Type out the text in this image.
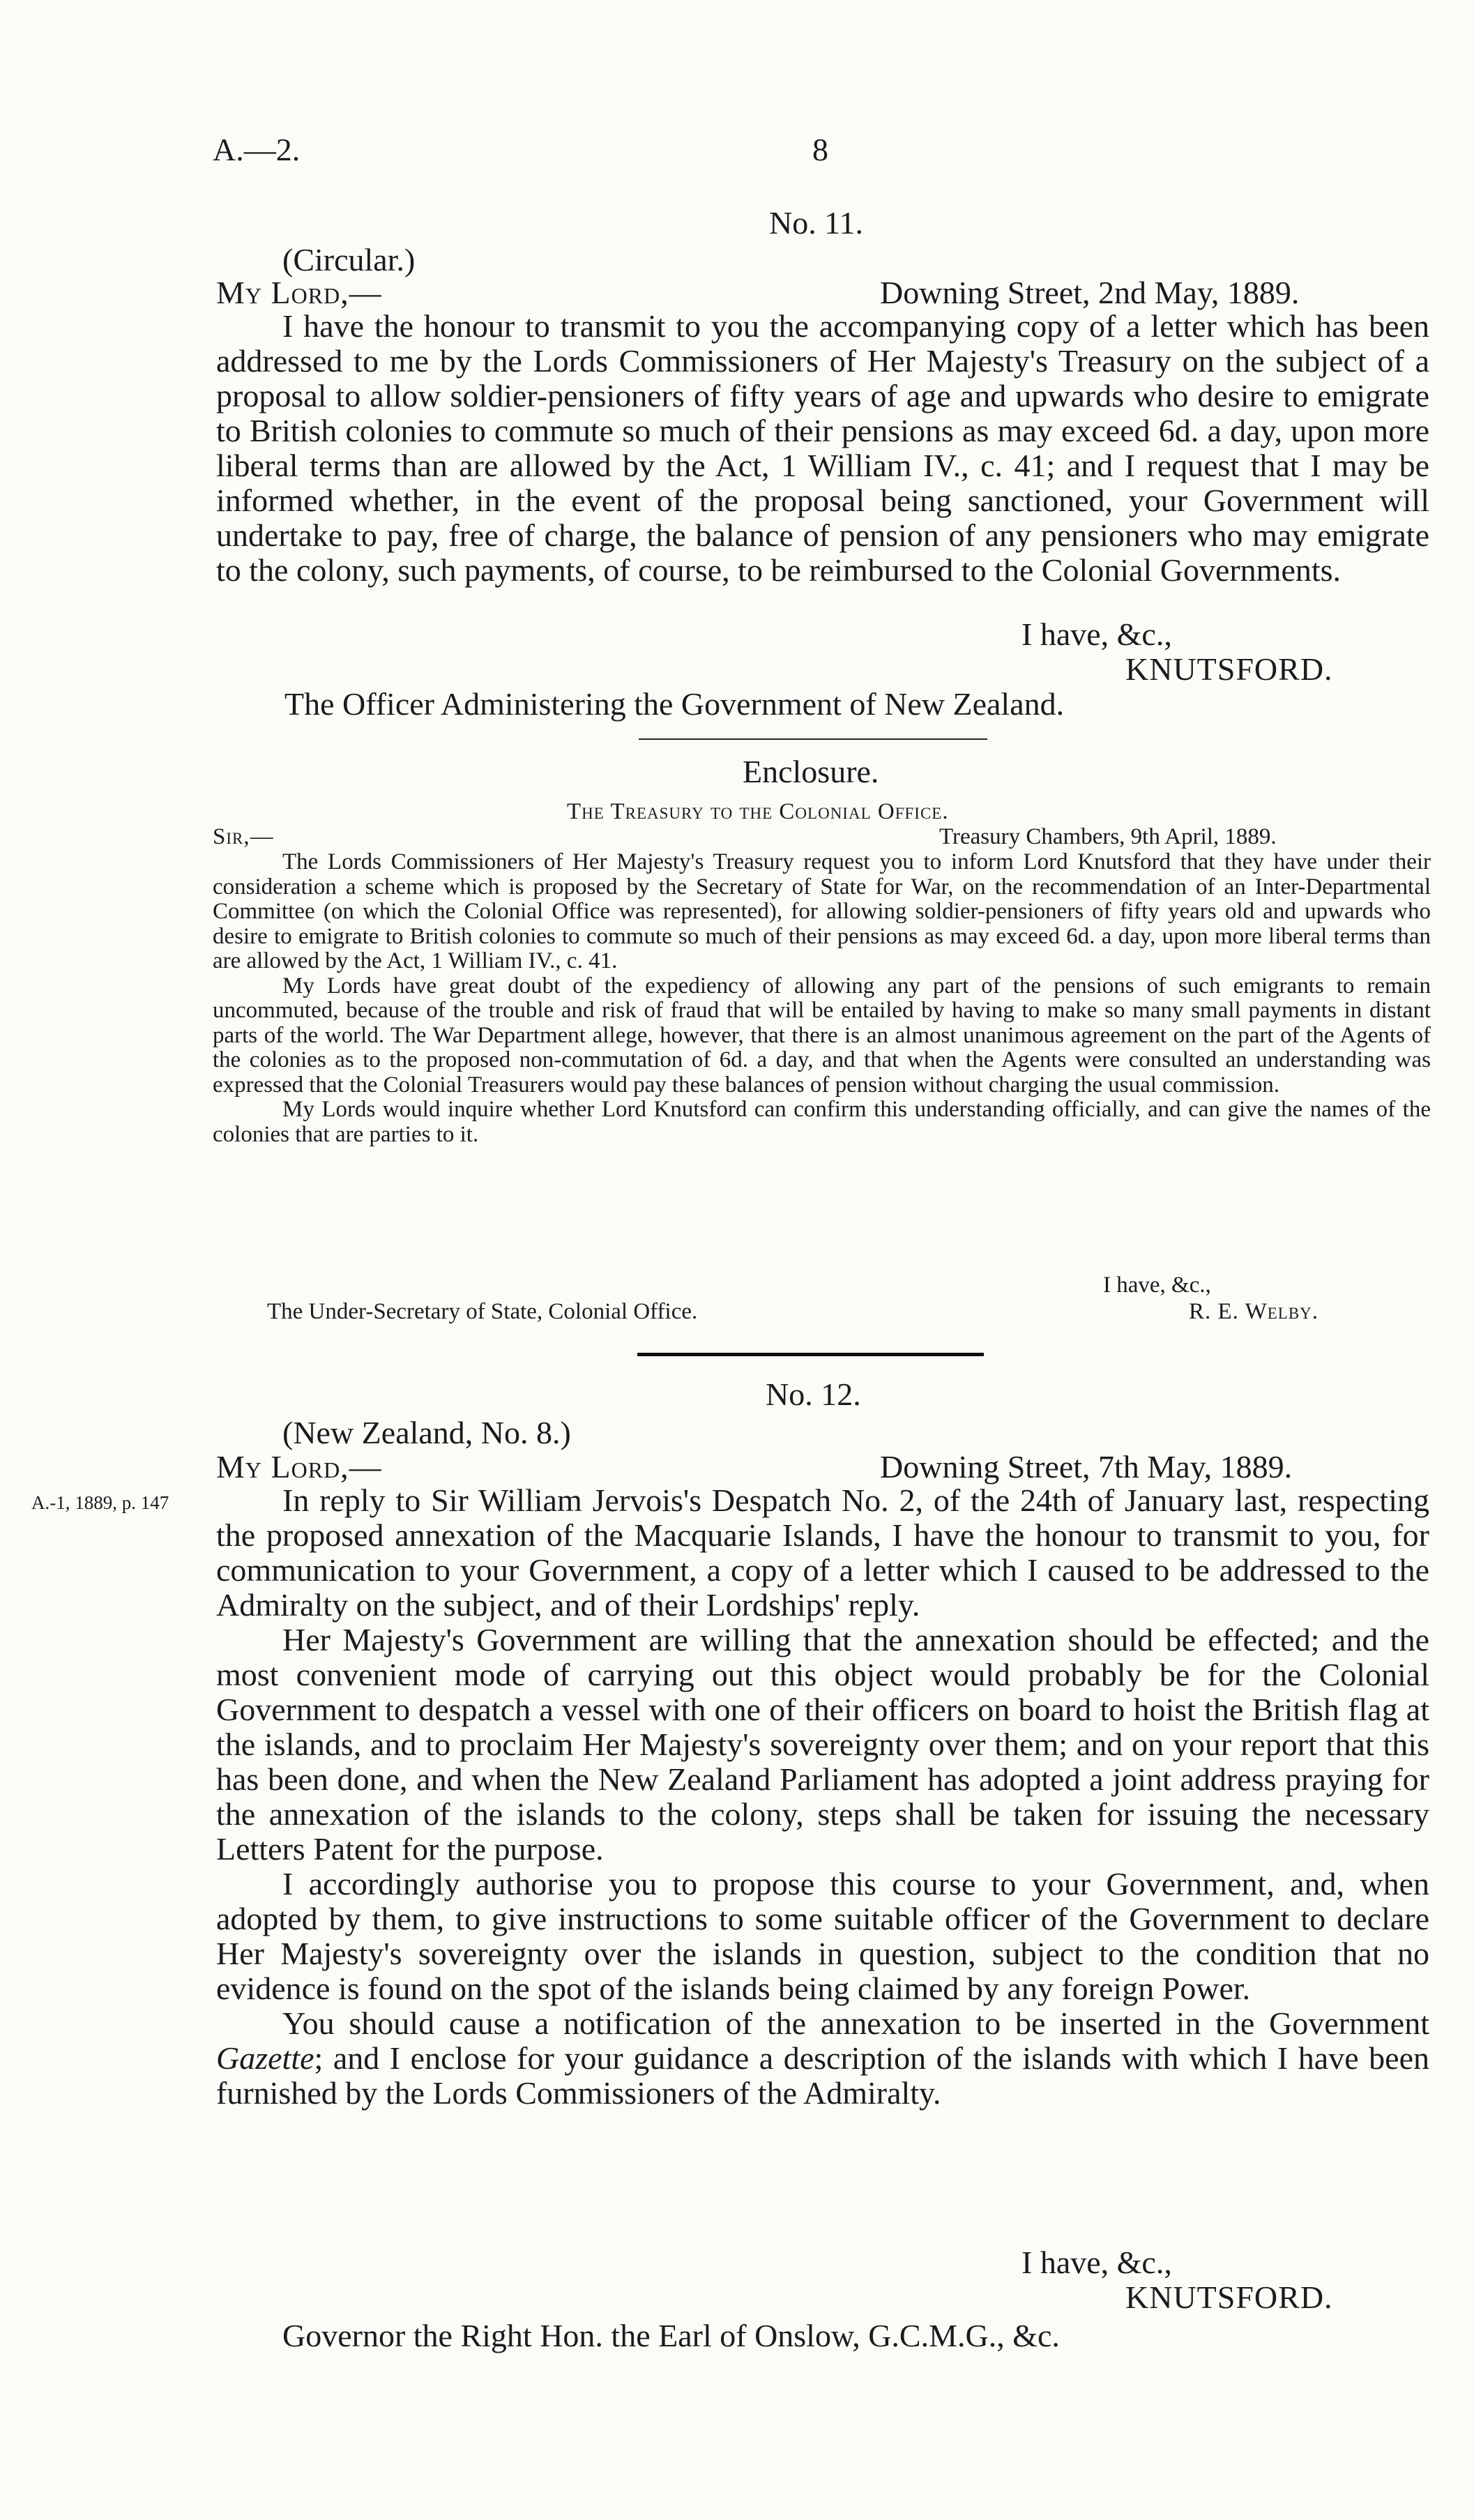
A.—2.	8
No. 11.
(Circular.)
My Lord,—	Downing Street, 2nd May, 1889.

I have the honour to transmit to you the accompanying copy of a letter which has been addressed to me by the Lords Commissioners of Her Majesty's Treasury on the subject of a proposal to allow soldier-pensioners of fifty years of age and upwards who desire to emigrate to British colonies to commute so much of their pensions as may exceed 6d. a day, upon more liberal terms than are allowed by the Act, 1 William IV., c. 41; and I request that I may be informed whether, in the event of the proposal being sanctioned, your Government will undertake to pay, free of charge, the balance of pension of any pensioners who may emigrate to the colony, such payments, of course, to be reimbursed to the Colonial Governments.

I have, &c.,
KNUTSFORD.
The Officer Administering the Government of New Zealand.
Enclosure.
The Treasury to the Colonial Office.
Sir,—	Treasury Chambers, 9th April, 1889.

The Lords Commissioners of Her Majesty's Treasury request you to inform Lord Knutsford that they have under their consideration a scheme which is proposed by the Secretary of State for War, on the recommendation of an Inter-Departmental Committee (on which the Colonial Office was represented), for allowing soldier-pensioners of fifty years old and upwards who desire to emigrate to British colonies to commute so much of their pensions as may exceed 6d. a day, upon more liberal terms than are allowed by the Act, 1 William IV., c. 41.

My Lords have great doubt of the expediency of allowing any part of the pensions of such emigrants to remain uncommuted, because of the trouble and risk of fraud that will be entailed by having to make so many small payments in distant parts of the world. The War Department allege, however, that there is an almost unanimous agreement on the part of the Agents of the colonies as to the proposed non-commutation of 6d. a day, and that when the Agents were consulted an understanding was expressed that the Colonial Treasurers would pay these balances of pension without charging the usual commission.

My Lords would inquire whether Lord Knutsford can confirm this understanding officially, and can give the names of the colonies that are parties to it.

I have, &c.,
The Under-Secretary of State, Colonial Office.	R. E. Welby.
No. 12.
(New Zealand, No. 8.)
My Lord,—	Downing Street, 7th May, 1889.
A.-1, 1889, p. 147	In reply to Sir William Jervois's Despatch No. 2, of the 24th of January last, respecting the proposed annexation of the Macquarie Islands, I have the honour to transmit to you, for communication to your Government, a copy of a letter which I caused to be addressed to the Admiralty on the subject, and of their Lordships' reply.

Her Majesty's Government are willing that the annexation should be effected; and the most convenient mode of carrying out this object would probably be for the Colonial Government to despatch a vessel with one of their officers on board to hoist the British flag at the islands, and to proclaim Her Majesty's sovereignty over them; and on your report that this has been done, and when the New Zealand Parliament has adopted a joint address praying for the annexation of the islands to the colony, steps shall be taken for issuing the necessary Letters Patent for the purpose.

I accordingly authorise you to propose this course to your Government, and, when adopted by them, to give instructions to some suitable officer of the Government to declare Her Majesty's sovereignty over the islands in question, subject to the condition that no evidence is found on the spot of the islands being claimed by any foreign Power.

You should cause a notification of the annexation to be inserted in the Government Gazette; and I enclose for your guidance a description of the islands with which I have been furnished by the Lords Commissioners of the Admiralty.

I have, &c.,
KNUTSFORD.
Governor the Right Hon. the Earl of Onslow, G.C.M.G., &c.
